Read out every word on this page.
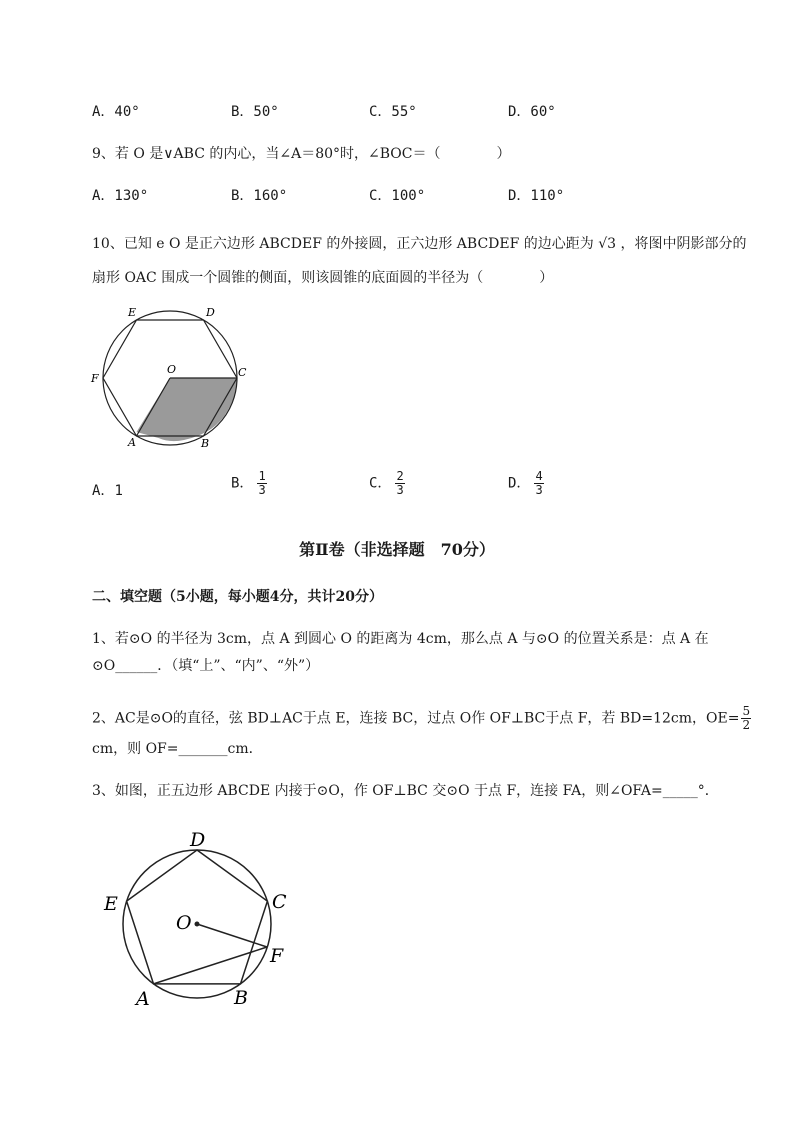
A．40°	B．50°	C．55°	D．60°
9、若 O 是∨ABC 的内心，当∠A＝80°时，∠BOC＝（　　　　）
A．130°	B．160°	C．100°	D．110°
10、已知 e O 是正六边形 ABCDEF 的外接圆，正六边形 ABCDEF 的边心距为 √3 ，将图中阴影部分的
扇形 OAC 围成一个圆锥的侧面，则该圆锥的底面圆的半径为（　　　　）
E	D
F	C
O
A	B
A．1	B． $\frac{1}{3}$	C． $\frac{2}{3}$	D． $\frac{4}{3}$
第Ⅱ卷（非选择题　70分）
二、填空题（5小题，每小题4分，共计20分）
1、若⊙O 的半径为 3cm，点 A 到圆心 O 的距离为 4cm，那么点 A 与⊙O 的位置关系是：点 A 在
⊙O______．（填“上”、“内”、“外”）
2、AC是⊙O的直径，弦 BD⊥AC于点 E，连接 BC，过点 O作 OF⊥BC于点 F，若 BD=12cm，$OE= \frac{5}{2}$
cm，则 OF=_______cm．
3、如图，正五边形 ABCDE 内接于⊙O，作 OF⊥BC 交⊙O 于点 F，连接 FA，则∠OFA=_____°．
D
E	C
O
F
A	B
